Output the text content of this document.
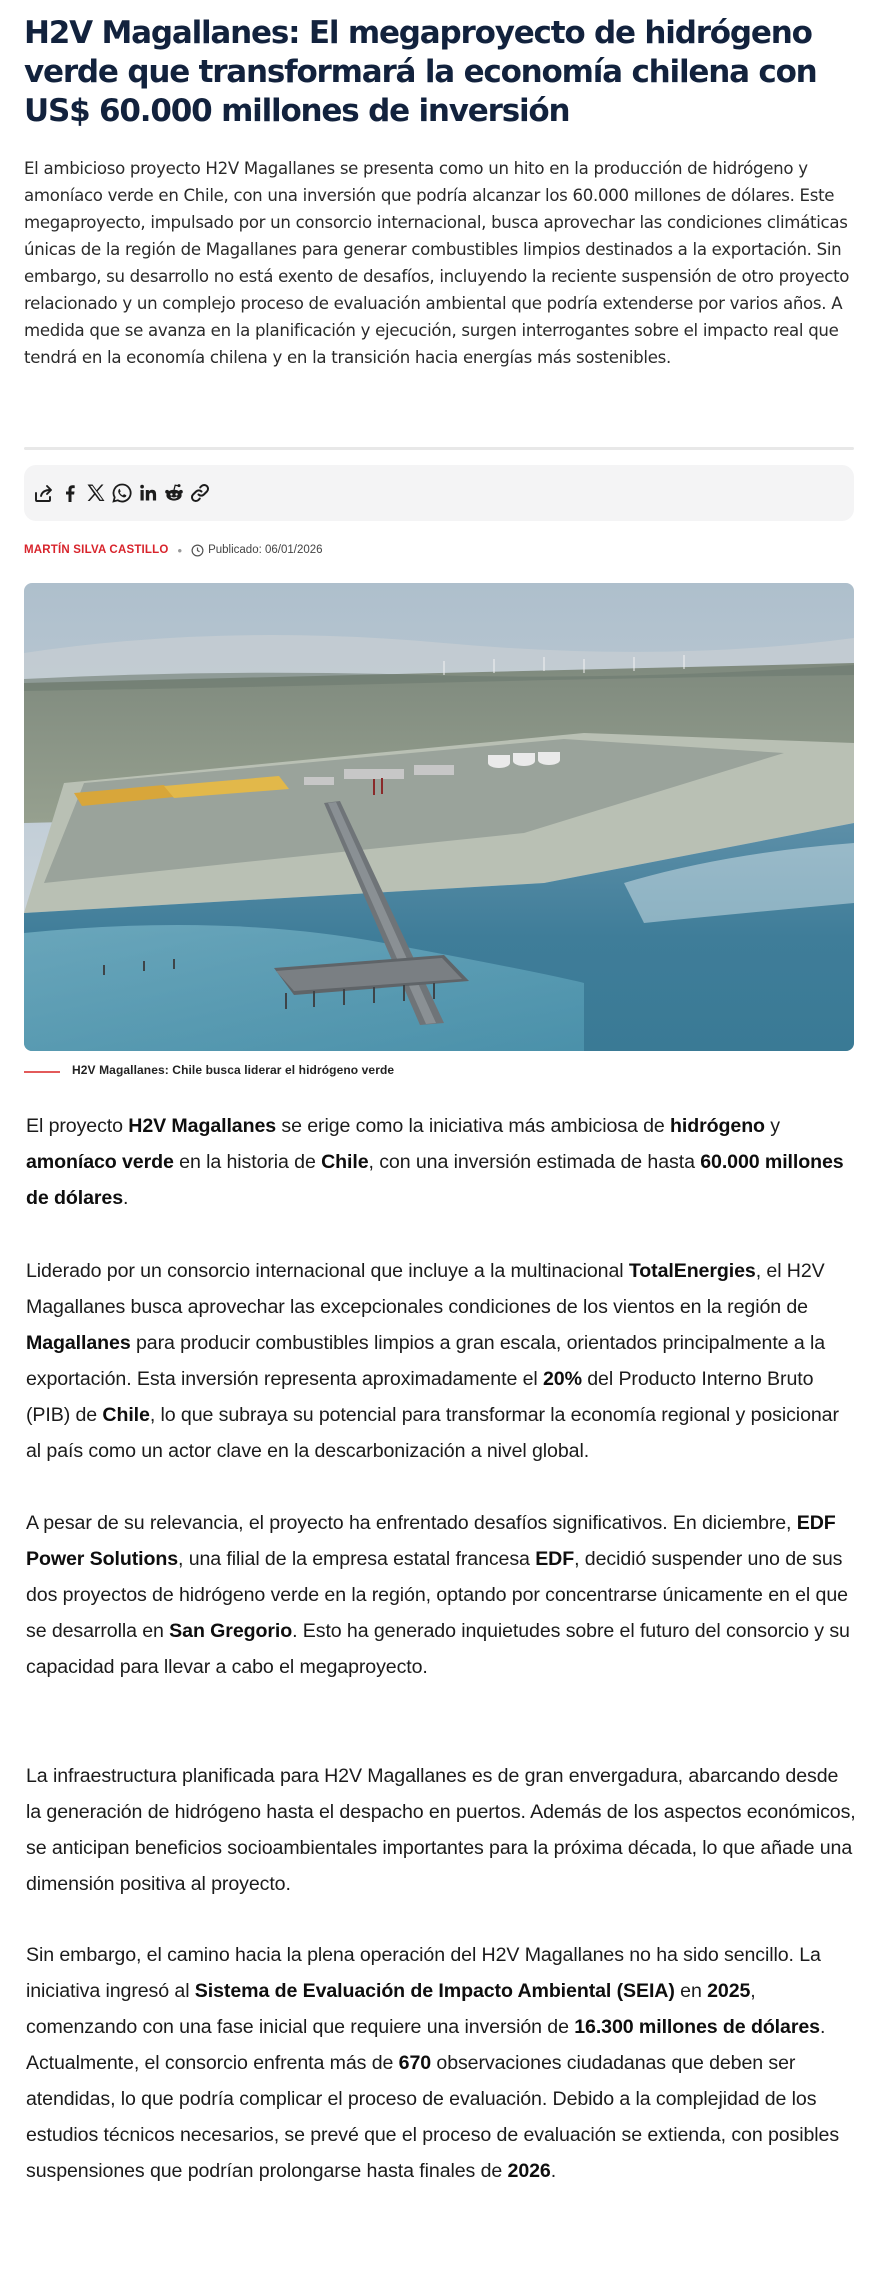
H2V Magallanes: El megaproyecto de hidrógeno verde que transformará la economía chilena con US$ 60.000 millones de inversión

El ambicioso proyecto H2V Magallanes se presenta como un hito en la producción de hidrógeno y amoníaco verde en Chile, con una inversión que podría alcanzar los 60.000 millones de dólares. Este megaproyecto, impulsado por un consorcio internacional, busca aprovechar las condiciones climáticas únicas de la región de Magallanes para generar combustibles limpios destinados a la exportación. Sin embargo, su desarrollo no está exento de desafíos, incluyendo la reciente suspensión de otro proyecto relacionado y un complejo proceso de evaluación ambiental que podría extenderse por varios años. A medida que se avanza en la planificación y ejecución, surgen interrogantes sobre el impacto real que tendrá en la economía chilena y en la transición hacia energías más sostenibles.

MARTÍN SILVA CASTILLO • Publicado: 06/01/2026
H2V Magallanes: Chile busca liderar el hidrógeno verde

El proyecto H2V Magallanes se erige como la iniciativa más ambiciosa de hidrógeno y amoníaco verde en la historia de Chile, con una inversión estimada de hasta 60.000 millones de dólares.

Liderado por un consorcio internacional que incluye a la multinacional TotalEnergies, el H2V Magallanes busca aprovechar las excepcionales condiciones de los vientos en la región de Magallanes para producir combustibles limpios a gran escala, orientados principalmente a la exportación. Esta inversión representa aproximadamente el 20% del Producto Interno Bruto (PIB) de Chile, lo que subraya su potencial para transformar la economía regional y posicionar al país como un actor clave en la descarbonización a nivel global.

A pesar de su relevancia, el proyecto ha enfrentado desafíos significativos. En diciembre, EDF Power Solutions, una filial de la empresa estatal francesa EDF, decidió suspender uno de sus dos proyectos de hidrógeno verde en la región, optando por concentrarse únicamente en el que se desarrolla en San Gregorio. Esto ha generado inquietudes sobre el futuro del consorcio y su capacidad para llevar a cabo el megaproyecto.

La infraestructura planificada para H2V Magallanes es de gran envergadura, abarcando desde la generación de hidrógeno hasta el despacho en puertos. Además de los aspectos económicos, se anticipan beneficios socioambientales importantes para la próxima década, lo que añade una dimensión positiva al proyecto.

Sin embargo, el camino hacia la plena operación del H2V Magallanes no ha sido sencillo. La iniciativa ingresó al Sistema de Evaluación de Impacto Ambiental (SEIA) en 2025, comenzando con una fase inicial que requiere una inversión de 16.300 millones de dólares. Actualmente, el consorcio enfrenta más de 670 observaciones ciudadanas que deben ser atendidas, lo que podría complicar el proceso de evaluación. Debido a la complejidad de los estudios técnicos necesarios, se prevé que el proceso de evaluación se extienda, con posibles suspensiones que podrían prolongarse hasta finales de 2026.
